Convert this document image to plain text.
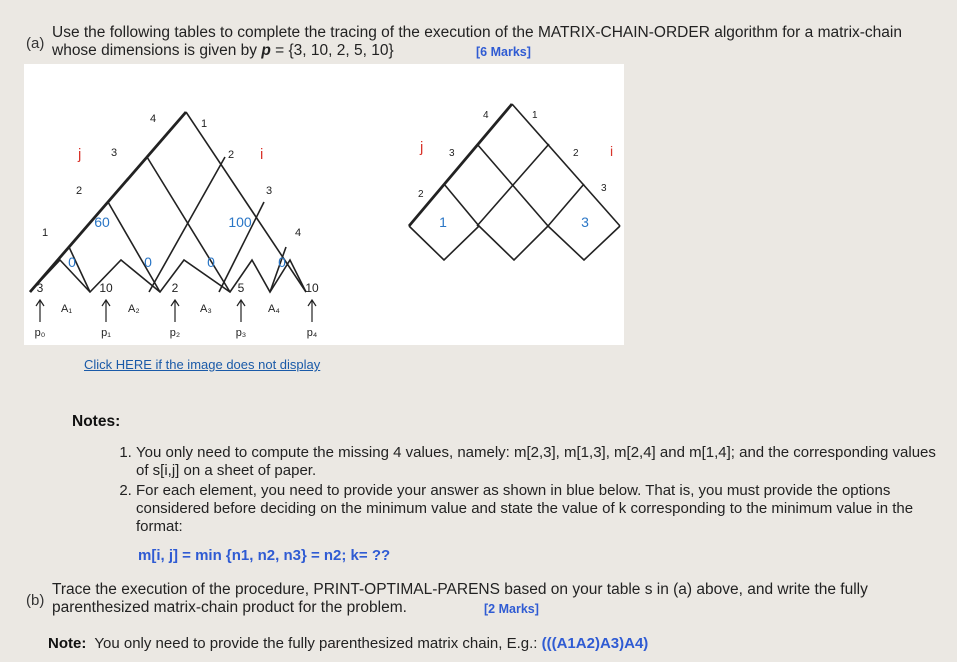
(a)
Use the following tables to complete the tracing of the execution of the MATRIX-CHAIN-ORDER algorithm for a matrix-chain
whose dimensions is given by p = {3, 10, 2, 5, 10}	[6 Marks]
1
2
3
4	1
2
3
4
j	i
0	0	0	0
60	100
3	10	2	5	10
A₁	A₂	A₃	A₄
p₀	p₁	p₂	p₃	p₄
2
3
4	1
2
3
j	i
1	3
Click HERE if the image does not display
Notes:
1. You only need to compute the missing 4 values, namely: m[2,3], m[1,3], m[2,4] and m[1,4]; and the corresponding values of s[i,j] on a sheet of paper.
2. For each element, you need to provide your answer as shown in blue below. That is, you must provide the options considered before deciding on the minimum value and state the value of k corresponding to the minimum value in the format:
m[i, j] = min {n1, n2, n3} = n2; k= ??
(b)
Trace the execution of the procedure, PRINT-OPTIMAL-PARENS based on your table s in (a) above, and write the fully
parenthesized matrix-chain product for the problem.	[2 Marks]
Note:  You only need to provide the fully parenthesized matrix chain, E.g.: (((A1A2)A3)A4)
